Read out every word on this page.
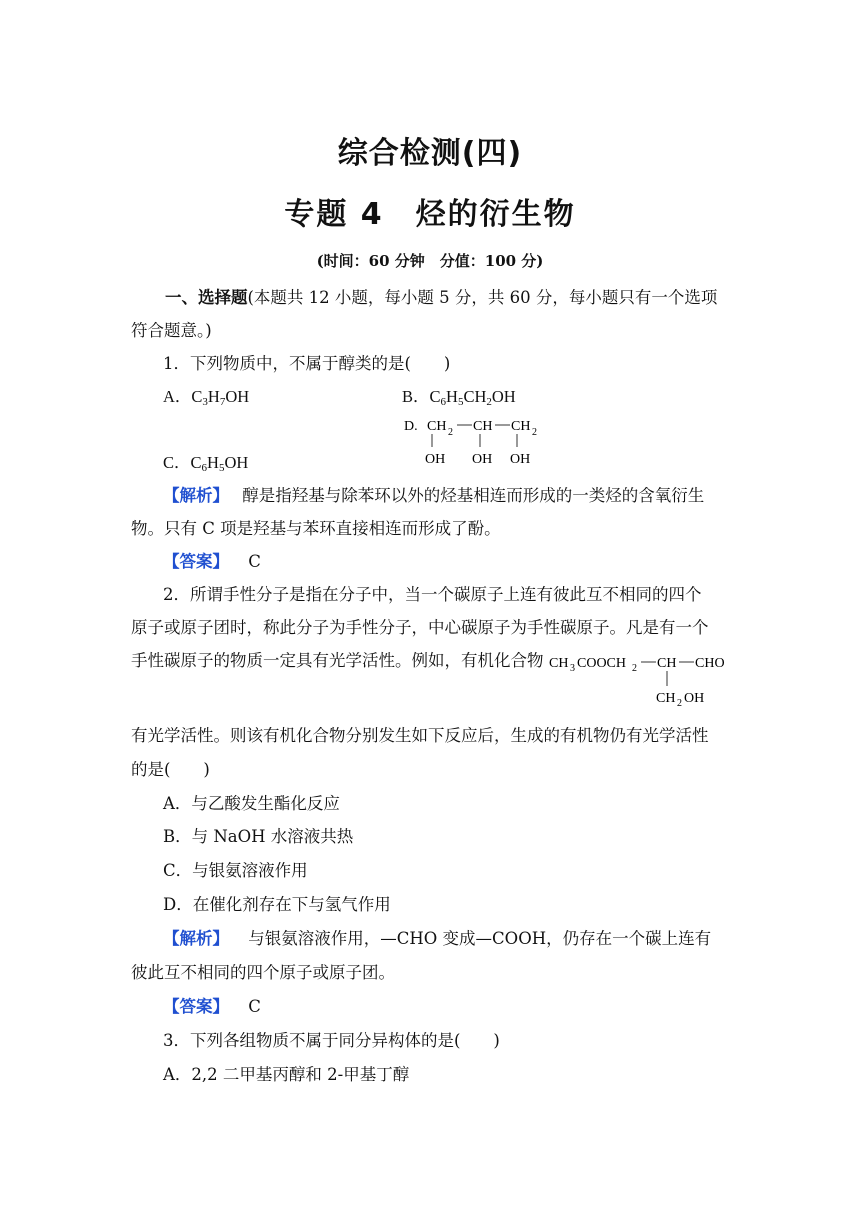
综合检测(四)
专题 4　烃的衍生物
(时间：60 分钟　分值：100 分)
一、选择题(本题共 12 小题，每小题 5 分，共 60 分，每小题只有一个选项
符合题意。)
1．下列物质中，不属于醇类的是(　　)
A．$C_3H_7OH$	B．$C_6H_5CH_2OH$
C．$C_6H_5OH$
D. CH 2 CH CH 2
OH OH OH
【解析】 醇是指羟基与除苯环以外的烃基相连而形成的一类烃的含氧衍生
物。只有 C 项是羟基与苯环直接相连而形成了酚。
【答案】 C
2．所谓手性分子是指在分子中，当一个碳原子上连有彼此互不相同的四个
原子或原子团时，称此分子为手性分子，中心碳原子为手性碳原子。凡是有一个
手性碳原子的物质一定具有光学活性。例如，有机化合物 CH 3 COOCH 2 CH CHO
CH 2 OH
有光学活性。则该有机化合物分别发生如下反应后，生成的有机物仍有光学活性
的是(　　)
A．与乙酸发生酯化反应
B．与 NaOH 水溶液共热
C．与银氨溶液作用
D．在催化剂存在下与氢气作用
【解析】 与银氨溶液作用，—CHO 变成—COOH，仍存在一个碳上连有
彼此互不相同的四个原子或原子团。
【答案】 C
3．下列各组物质不属于同分异构体的是(　　)
A．2,2 二甲基丙醇和 2-甲基丁醇
